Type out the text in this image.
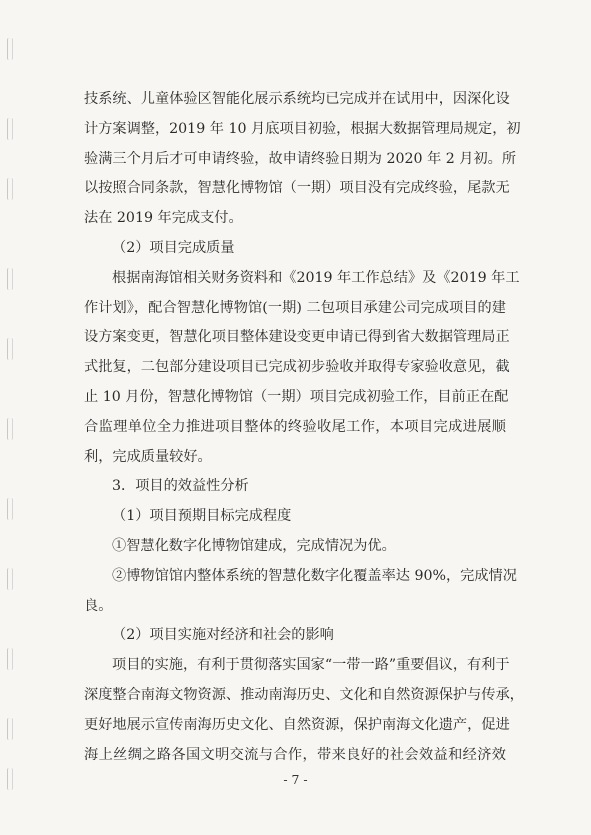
技系统、儿童体验区智能化展示系统均已完成并在试用中，因深化设
计方案调整，2019 年 10 月底项目初验，根据大数据管理局规定，初
验满三个月后才可申请终验，故申请终验日期为 2020 年 2 月初。所
以按照合同条款，智慧化博物馆（一期）项目没有完成终验，尾款无
法在 2019 年完成支付。
（2）项目完成质量
根据南海馆相关财务资料和《2019 年工作总结》及《2019 年工
作计划》，配合智慧化博物馆(一期) 二包项目承建公司完成项目的建
设方案变更，智慧化项目整体建设变更申请已得到省大数据管理局正
式批复，二包部分建设项目已完成初步验收并取得专家验收意见，截
止 10 月份，智慧化博物馆（一期）项目完成初验工作，目前正在配
合监理单位全力推进项目整体的终验收尾工作，本项目完成进展顺
利，完成质量较好。
3．项目的效益性分析
（1）项目预期目标完成程度
①智慧化数字化博物馆建成，完成情况为优。
②博物馆馆内整体系统的智慧化数字化覆盖率达 90%，完成情况
良。
（2）项目实施对经济和社会的影响
项目的实施，有利于贯彻落实国家“一带一路”重要倡议，有利于
深度整合南海文物资源、推动南海历史、文化和自然资源保护与传承，
更好地展示宣传南海历史文化、自然资源，保护南海文化遗产，促进
海上丝绸之路各国文明交流与合作，带来良好的社会效益和经济效
- 7 -
